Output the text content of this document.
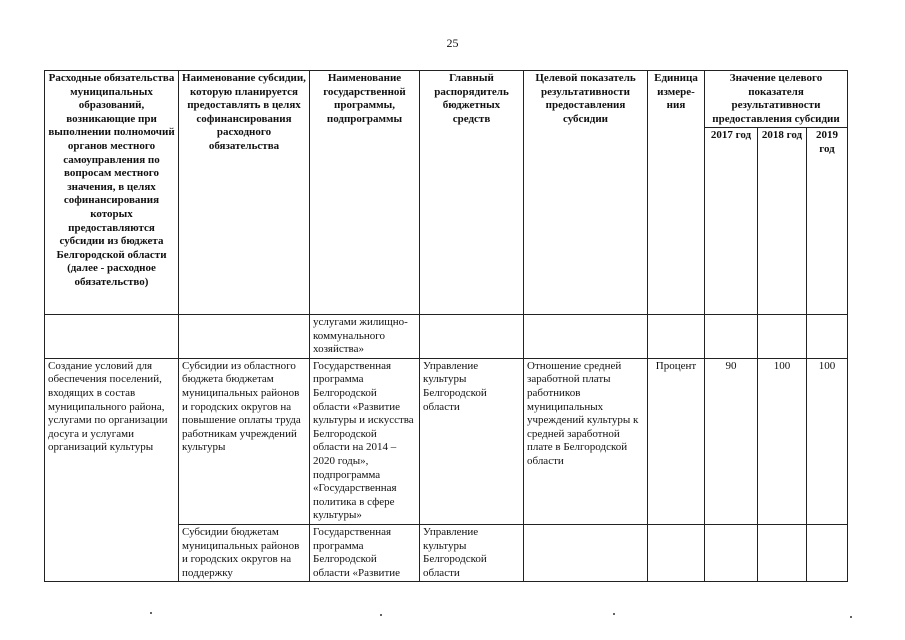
25
Расходные обязательства муниципальных образований, возникающие при выполнении полномочий органов местного самоуправления по вопросам местного значения, в целях софинансирования которых предоставляются субсидии из бюджета Белгородской области (далее - расходное обязательство)	Наименование субсидии, которую планируется предоставлять в целях софинансирования расходного обязательства	Наименование государственной программы, подпрограммы	Главный распорядитель бюджетных средств	Целевой показатель результативности предоставления субсидии	Единица измере-ния	Значение целевого показателя результативности предоставления субсидии		
						2017 год	2018 год	2019 год
		услугами жилищно-коммунального хозяйства»						
Создание условий для обеспечения поселений, входящих в состав муниципального района, услугами по организации досуга и услугами организаций культуры	Субсидии из областного бюджета бюджетам муниципальных районов и городских округов на повышение оплаты труда работникам учреждений культуры	Государственная программа Белгородской области «Развитие культуры и искусства Белгородской области на 2014 – 2020 годы», подпрограмма «Государственная политика в сфере культуры»	Управление культуры Белгородской области	Отношение средней заработной платы работников муниципальных учреждений культуры к средней заработной плате в Белгородской области	Процент	90	100	100
	Субсидии бюджетам муниципальных районов и городских округов на поддержку	Государственная программа Белгородской области «Развитие	Управление культуры Белгородской области					
